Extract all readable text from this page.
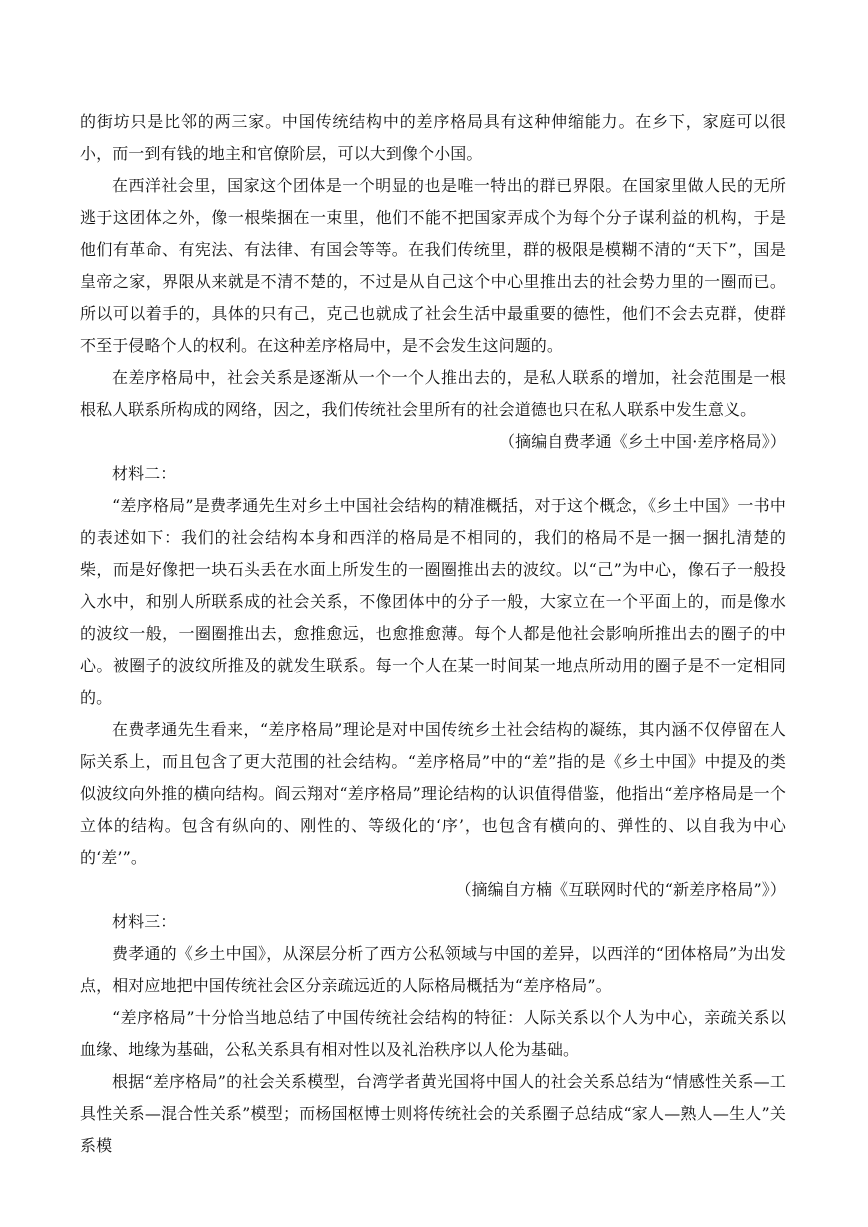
的街坊只是比邻的两三家。中国传统结构中的差序格局具有这种伸缩能力。在乡下，家庭可以很小，而一到有钱的地主和官僚阶层，可以大到像个小国。

在西洋社会里，国家这个团体是一个明显的也是唯一特出的群已界限。在国家里做人民的无所逃于这团体之外，像一根柴捆在一束里，他们不能不把国家弄成个为每个分子谋利益的机构，于是他们有革命、有宪法、有法律、有国会等等。在我们传统里，群的极限是模糊不清的“天下”，国是皇帝之家，界限从来就是不清不楚的，不过是从自己这个中心里推出去的社会势力里的一圈而已。所以可以着手的，具体的只有己，克己也就成了社会生活中最重要的德性，他们不会去克群，使群不至于侵略个人的权利。在这种差序格局中，是不会发生这问题的。

在差序格局中，社会关系是逐渐从一个一个人推出去的，是私人联系的增加，社会范围是一根根私人联系所构成的网络，因之，我们传统社会里所有的社会道德也只在私人联系中发生意义。

（摘编自费孝通《乡土中国·差序格局》）

材料二：

“差序格局”是费孝通先生对乡土中国社会结构的精准概括，对于这个概念，《乡土中国》一书中的表述如下：我们的社会结构本身和西洋的格局是不相同的，我们的格局不是一捆一捆扎清楚的柴，而是好像把一块石头丢在水面上所发生的一圈圈推出去的波纹。以“己”为中心，像石子一般投入水中，和别人所联系成的社会关系，不像团体中的分子一般，大家立在一个平面上的，而是像水的波纹一般，一圈圈推出去，愈推愈远，也愈推愈薄。每个人都是他社会影响所推出去的圈子的中心。被圈子的波纹所推及的就发生联系。每一个人在某一时间某一地点所动用的圈子是不一定相同的。

在费孝通先生看来，“差序格局”理论是对中国传统乡土社会结构的凝练，其内涵不仅停留在人际关系上，而且包含了更大范围的社会结构。“差序格局”中的“差”指的是《乡土中国》中提及的类似波纹向外推的横向结构。阎云翔对“差序格局”理论结构的认识值得借鉴，他指出“差序格局是一个立体的结构。包含有纵向的、刚性的、等级化的‘序’，也包含有横向的、弹性的、以自我为中心的‘差’”。

（摘编自方楠《互联网时代的“新差序格局”》）

材料三：

费孝通的《乡土中国》，从深层分析了西方公私领域与中国的差异，以西洋的“团体格局”为出发点，相对应地把中国传统社会区分亲疏远近的人际格局概括为“差序格局”。

“差序格局”十分恰当地总结了中国传统社会结构的特征：人际关系以个人为中心，亲疏关系以血缘、地缘为基础，公私关系具有相对性以及礼治秩序以人伦为基础。

根据“差序格局”的社会关系模型，台湾学者黄光国将中国人的社会关系总结为“情感性关系—工具性关系—混合性关系”模型；而杨国枢博士则将传统社会的关系圈子总结成“家人—熟人—生人”关系模
